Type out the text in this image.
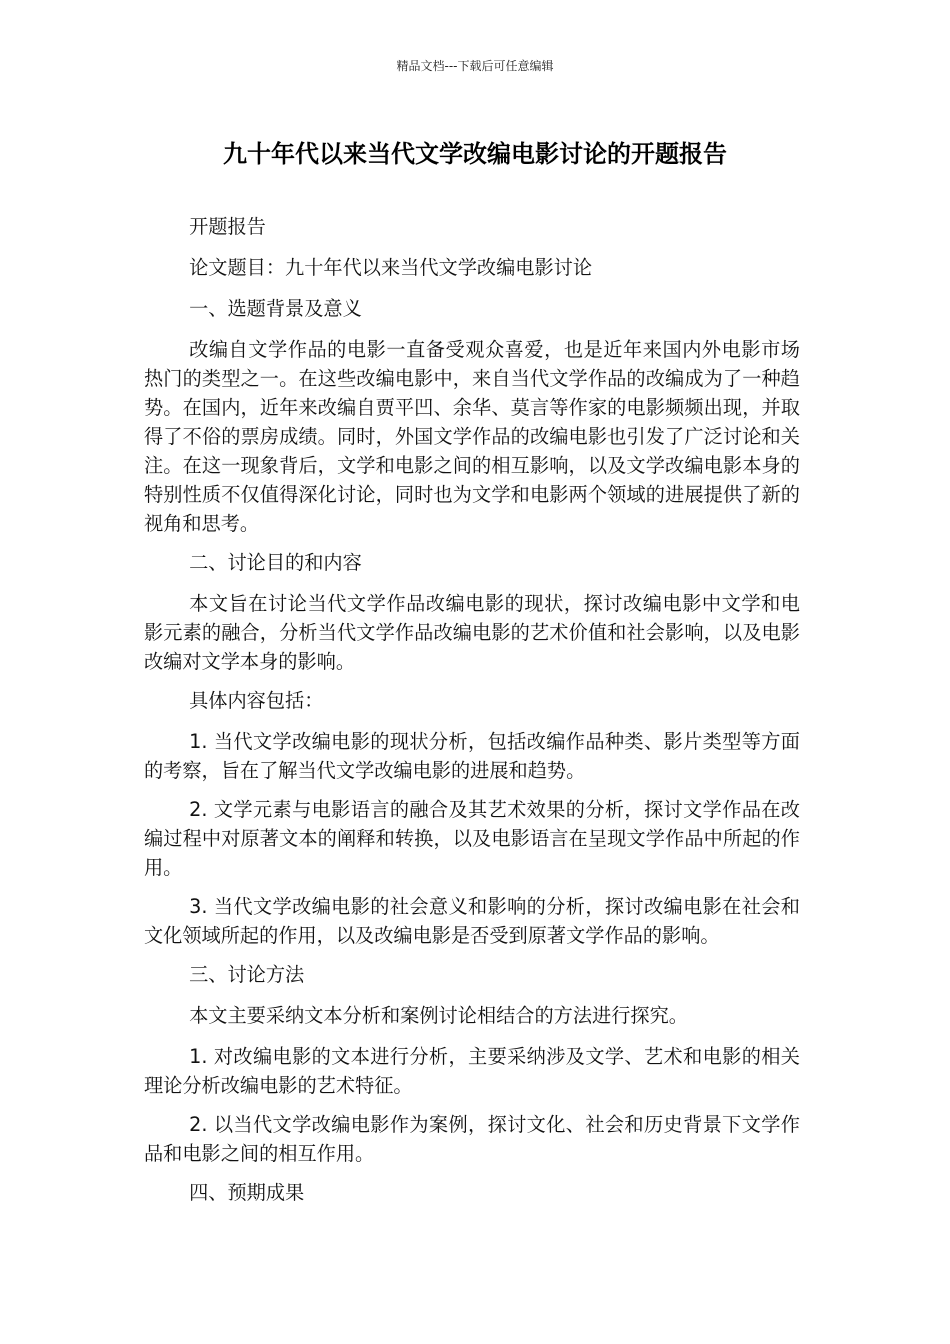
精品文档---下载后可任意编辑
九十年代以来当代文学改编电影讨论的开题报告

开题报告

论文题目：九十年代以来当代文学改编电影讨论

一、选题背景及意义

改编自文学作品的电影一直备受观众喜爱，也是近年来国内外电影市场热门的类型之一。在这些改编电影中，来自当代文学作品的改编成为了一种趋势。在国内，近年来改编自贾平凹、余华、莫言等作家的电影频频出现，并取得了不俗的票房成绩。同时，外国文学作品的改编电影也引发了广泛讨论和关注。在这一现象背后，文学和电影之间的相互影响，以及文学改编电影本身的特别性质不仅值得深化讨论，同时也为文学和电影两个领域的进展提供了新的视角和思考。

二、讨论目的和内容

本文旨在讨论当代文学作品改编电影的现状，探讨改编电影中文学和电影元素的融合，分析当代文学作品改编电影的艺术价值和社会影响，以及电影改编对文学本身的影响。

具体内容包括：

1. 当代文学改编电影的现状分析，包括改编作品种类、影片类型等方面的考察，旨在了解当代文学改编电影的进展和趋势。

2. 文学元素与电影语言的融合及其艺术效果的分析，探讨文学作品在改编过程中对原著文本的阐释和转换，以及电影语言在呈现文学作品中所起的作用。

3. 当代文学改编电影的社会意义和影响的分析，探讨改编电影在社会和文化领域所起的作用，以及改编电影是否受到原著文学作品的影响。

三、讨论方法

本文主要采纳文本分析和案例讨论相结合的方法进行探究。

1. 对改编电影的文本进行分析，主要采纳涉及文学、艺术和电影的相关理论分析改编电影的艺术特征。

2. 以当代文学改编电影作为案例，探讨文化、社会和历史背景下文学作品和电影之间的相互作用。

四、预期成果
